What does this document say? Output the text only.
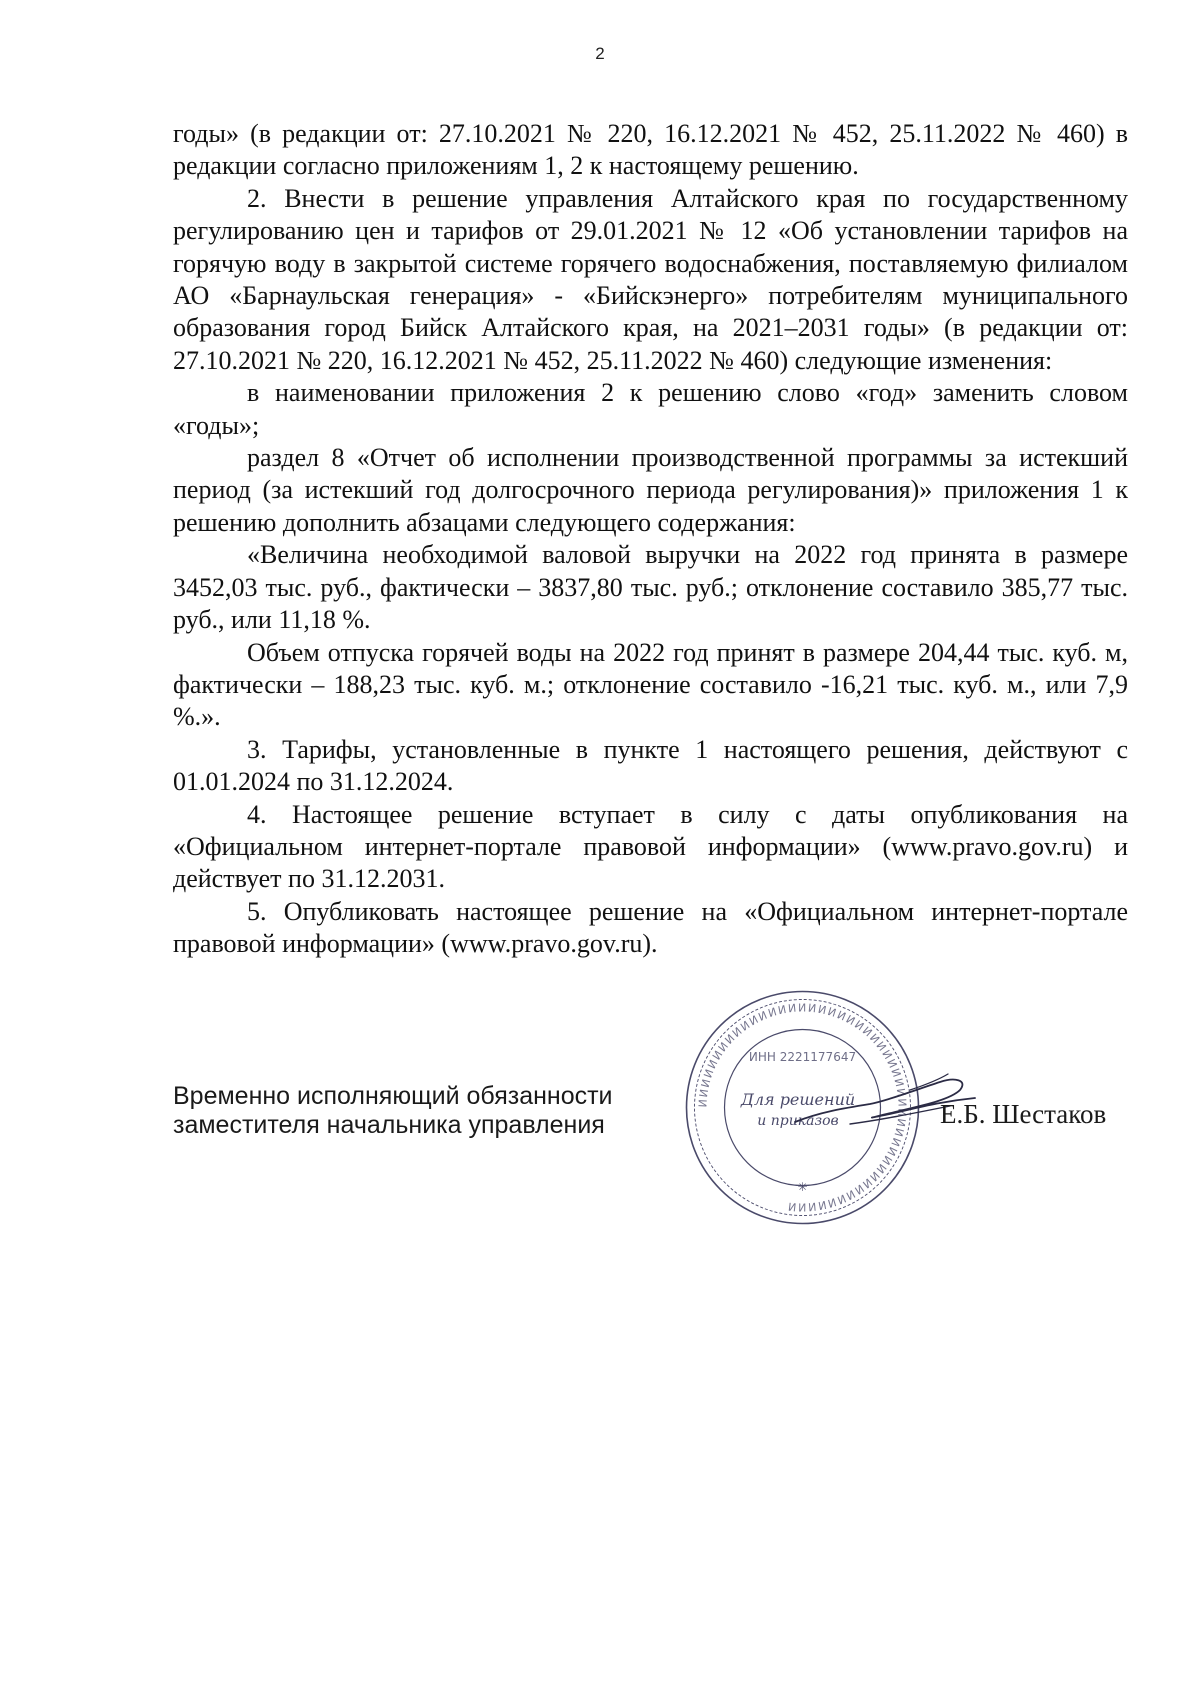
2

годы» (в редакции от: 27.10.2021 № 220, 16.12.2021 № 452, 25.11.2022 № 460) в редакции согласно приложениям 1, 2 к настоящему решению.

2. Внести в решение управления Алтайского края по государственному регулированию цен и тарифов от 29.01.2021 № 12 «Об установлении тарифов на горячую воду в закрытой системе горячего водоснабжения, поставляемую филиалом АО «Барнаульская генерация» - «Бийскэнерго» потребителям муниципального образования город Бийск Алтайского края, на 2021–2031 годы» (в редакции от: 27.10.2021 № 220, 16.12.2021 № 452, 25.11.2022 № 460) следующие изменения:

в наименовании приложения 2 к решению слово «год» заменить словом «годы»;

раздел 8 «Отчет об исполнении производственной программы за истекший период (за истекший год долгосрочного периода регулирования)» приложения 1 к решению дополнить абзацами следующего содержания:

«Величина необходимой валовой выручки на 2022 год принята в размере 3452,03 тыс. руб., фактически – 3837,80 тыс. руб.; отклонение составило 385,77 тыс. руб., или 11,18 %.

Объем отпуска горячей воды на 2022 год принят в размере 204,44 тыс. куб. м, фактически – 188,23 тыс. куб. м.; отклонение составило -16,21 тыс. куб. м., или 7,9 %.».

3. Тарифы, установленные в пункте 1 настоящего решения, действуют с 01.01.2024 по 31.12.2024.

4. Настоящее решение вступает в силу с даты опубликования на «Официальном интернет-портале правовой информации» (www.pravo.gov.ru) и действует по 31.12.2031.

5. Опубликовать настоящее решение на «Официальном интернет-портале правовой информации» (www.pravo.gov.ru).

Временно исполняющий обязанности
заместителя начальника управления
ИИИИИИИИИИИИИИИИИИИИИИИИИИИИИИИИИИИИИИИИИИИИИИИИ
ИНН 2221177647
Для решений
и приказов
✳
Е.Б. Шестаков
